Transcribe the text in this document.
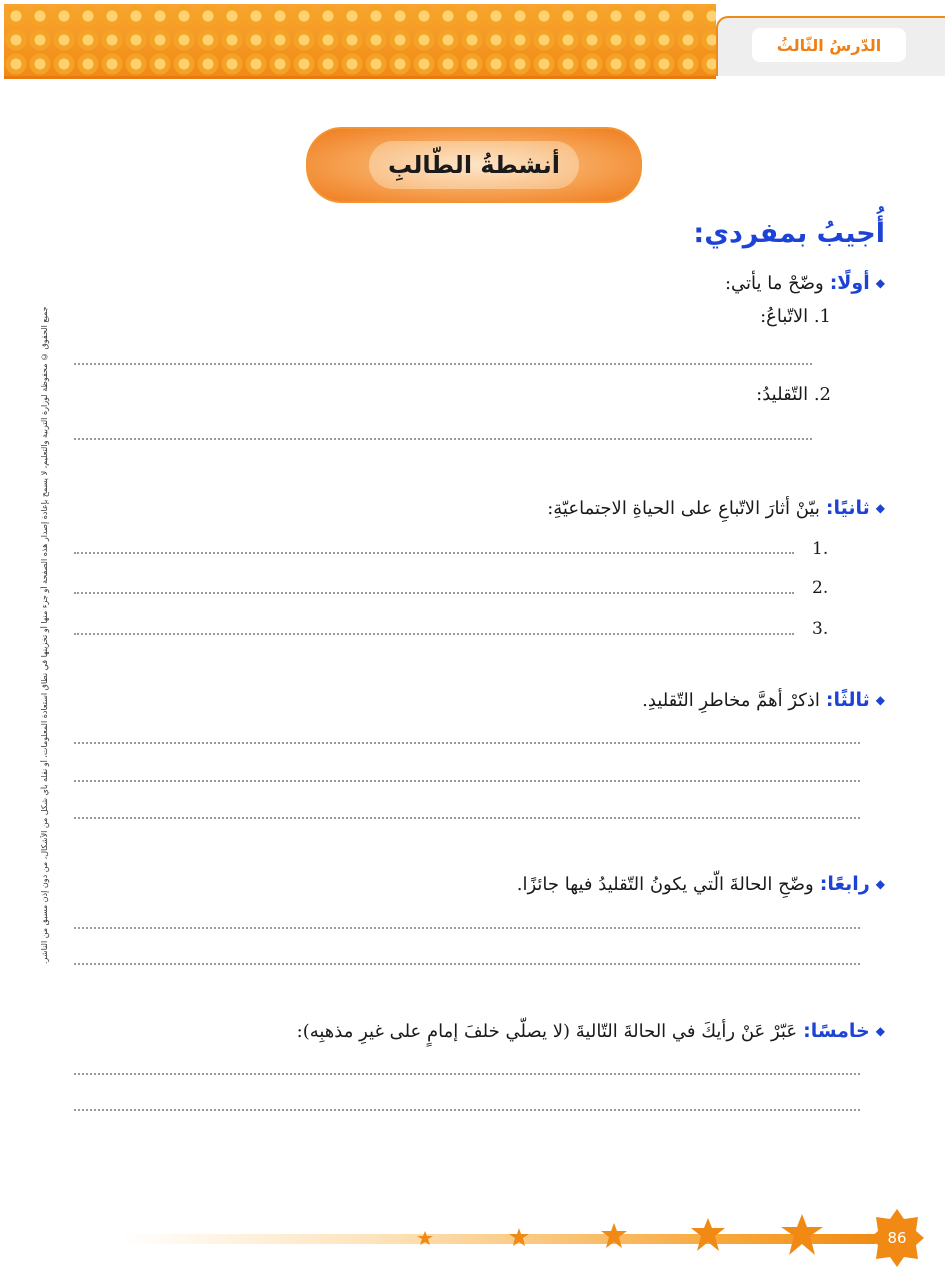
الدّرسُ الثّالثُ
أنشطةُ الطّالبِ
جميع الحقوق © محفوظة لوزارة التربية والتعليم، لا يسمح بإعادة إصدار هذه الصفحة أو جزء منها أو تخزينها في نطاق استعادة المعلومات، أو نقله بأي شكل من الأشكال، من دون إذن مسبق من الناشر.
أُجيبُ بمفردي:
◆
أولًا:
وضّحْ ما يأتي:
1. الاتّباعُ:
2. التّقليدُ:
◆
ثانيًا:
بيّنْ أثارَ الاتّباعِ على الحياةِ الاجتماعيّةِ:
1.
2.
3.
◆
ثالثًا:
اذكرْ أهمَّ مخاطرِ التّقليدِ.
◆
رابعًا:
وضّحِ الحالةَ الّتي يكونُ التّقليدُ فيها جائزًا.
◆
خامسًا:
عَبّرْ عَنْ رأيكَ في الحالةَ التّاليةَ (لا يصلّي خلفَ إمامٍ على غيرِ مذهبِه):
86
